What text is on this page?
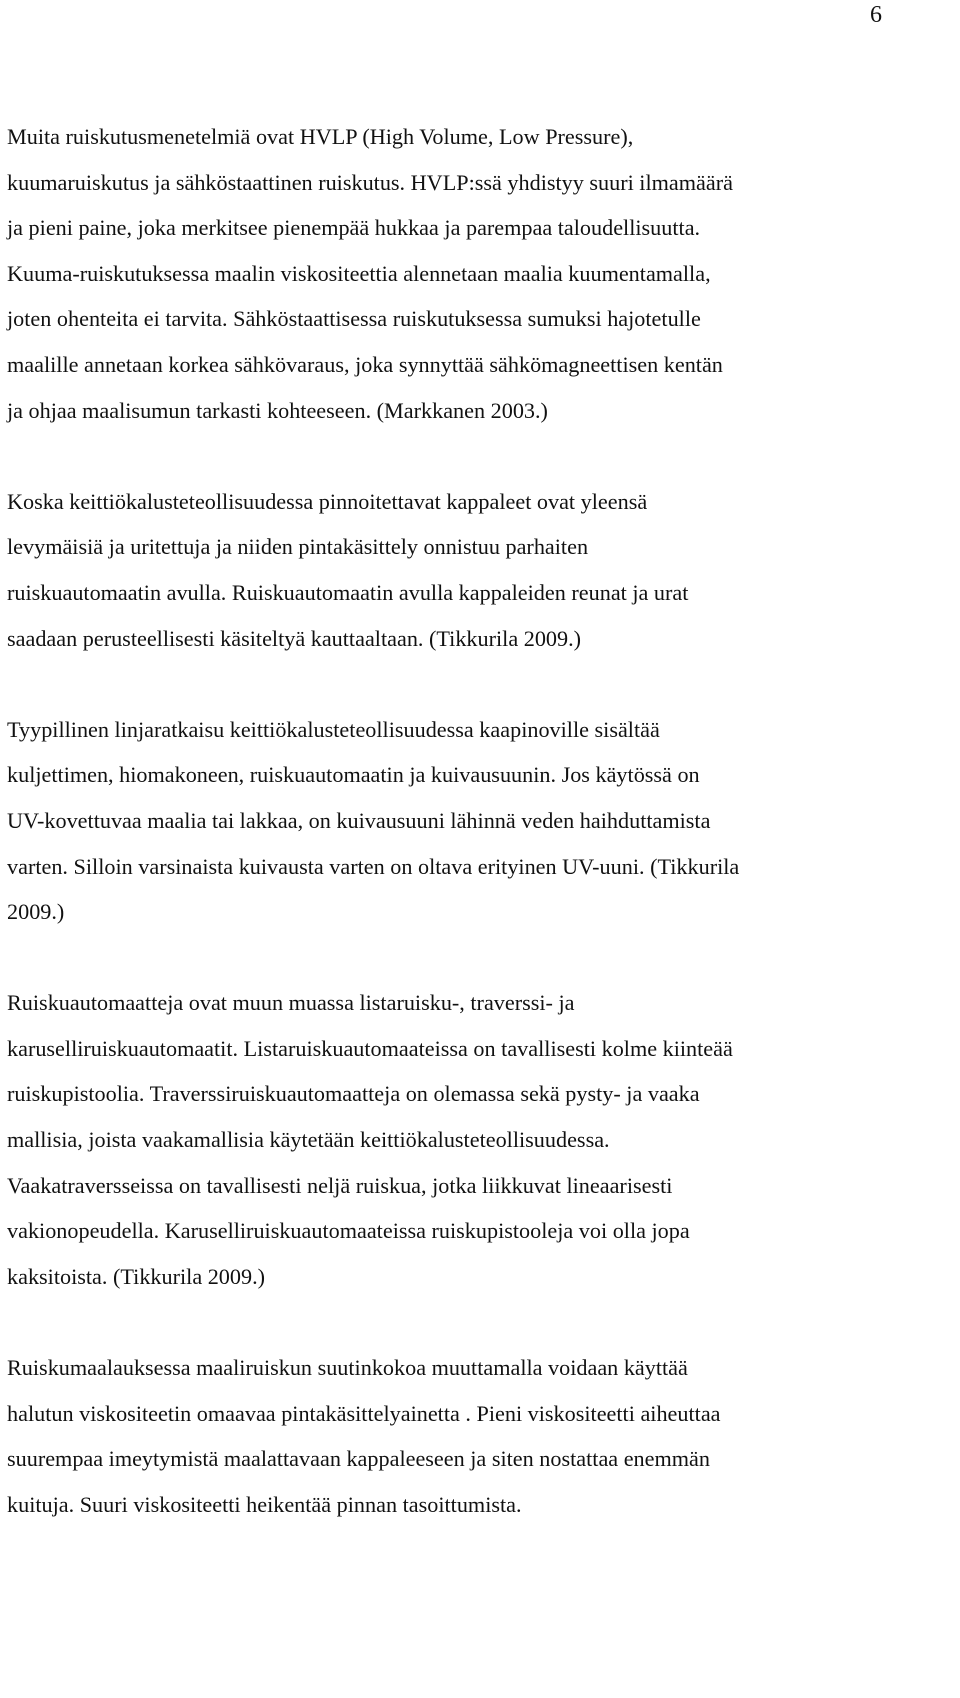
6

Muita ruiskutusmenetelmiä ovat HVLP (High Volume, Low Pressure),
kuumaruiskutus ja sähköstaattinen ruiskutus. HVLP:ssä yhdistyy suuri ilmamäärä
ja pieni paine, joka merkitsee pienempää hukkaa ja parempaa taloudellisuutta.
Kuuma-ruiskutuksessa maalin viskositeettia alennetaan maalia kuumentamalla,
joten ohenteita ei tarvita. Sähköstaattisessa ruiskutuksessa sumuksi hajotetulle
maalille annetaan korkea sähkövaraus, joka synnyttää sähkömagneettisen kentän
ja ohjaa maalisumun tarkasti kohteeseen. (Markkanen 2003.)

Koska keittiökalusteteollisuudessa pinnoitettavat kappaleet ovat yleensä
levymäisiä ja uritettuja ja niiden pintakäsittely onnistuu parhaiten
ruiskuautomaatin avulla. Ruiskuautomaatin avulla kappaleiden reunat ja urat
saadaan perusteellisesti käsiteltyä kauttaaltaan. (Tikkurila 2009.)

Tyypillinen linjaratkaisu keittiökalusteteollisuudessa kaapinoville sisältää
kuljettimen, hiomakoneen, ruiskuautomaatin ja kuivausuunin. Jos käytössä on
UV-kovettuvaa maalia tai lakkaa, on kuivausuuni lähinnä veden haihduttamista
varten. Silloin varsinaista kuivausta varten on oltava erityinen UV-uuni. (Tikkurila
2009.)

Ruiskuautomaatteja ovat muun muassa listaruisku-, traverssi- ja
karuselliruiskuautomaatit. Listaruiskuautomaateissa on tavallisesti kolme kiinteää
ruiskupistoolia. Traverssiruiskuautomaatteja on olemassa sekä pysty- ja vaaka
mallisia, joista vaakamallisia käytetään keittiökalusteteollisuudessa.
Vaakatraversseissa on tavallisesti neljä ruiskua, jotka liikkuvat lineaarisesti
vakionopeudella. Karuselliruiskuautomaateissa ruiskupistooleja voi olla jopa
kaksitoista. (Tikkurila 2009.)

Ruiskumaalauksessa maaliruiskun suutinkokoa muuttamalla voidaan käyttää
halutun viskositeetin omaavaa pintakäsittelyainetta . Pieni viskositeetti aiheuttaa
suurempaa imeytymistä maalattavaan kappaleeseen ja siten nostattaa enemmän
kuituja. Suuri viskositeetti heikentää pinnan tasoittumista.
